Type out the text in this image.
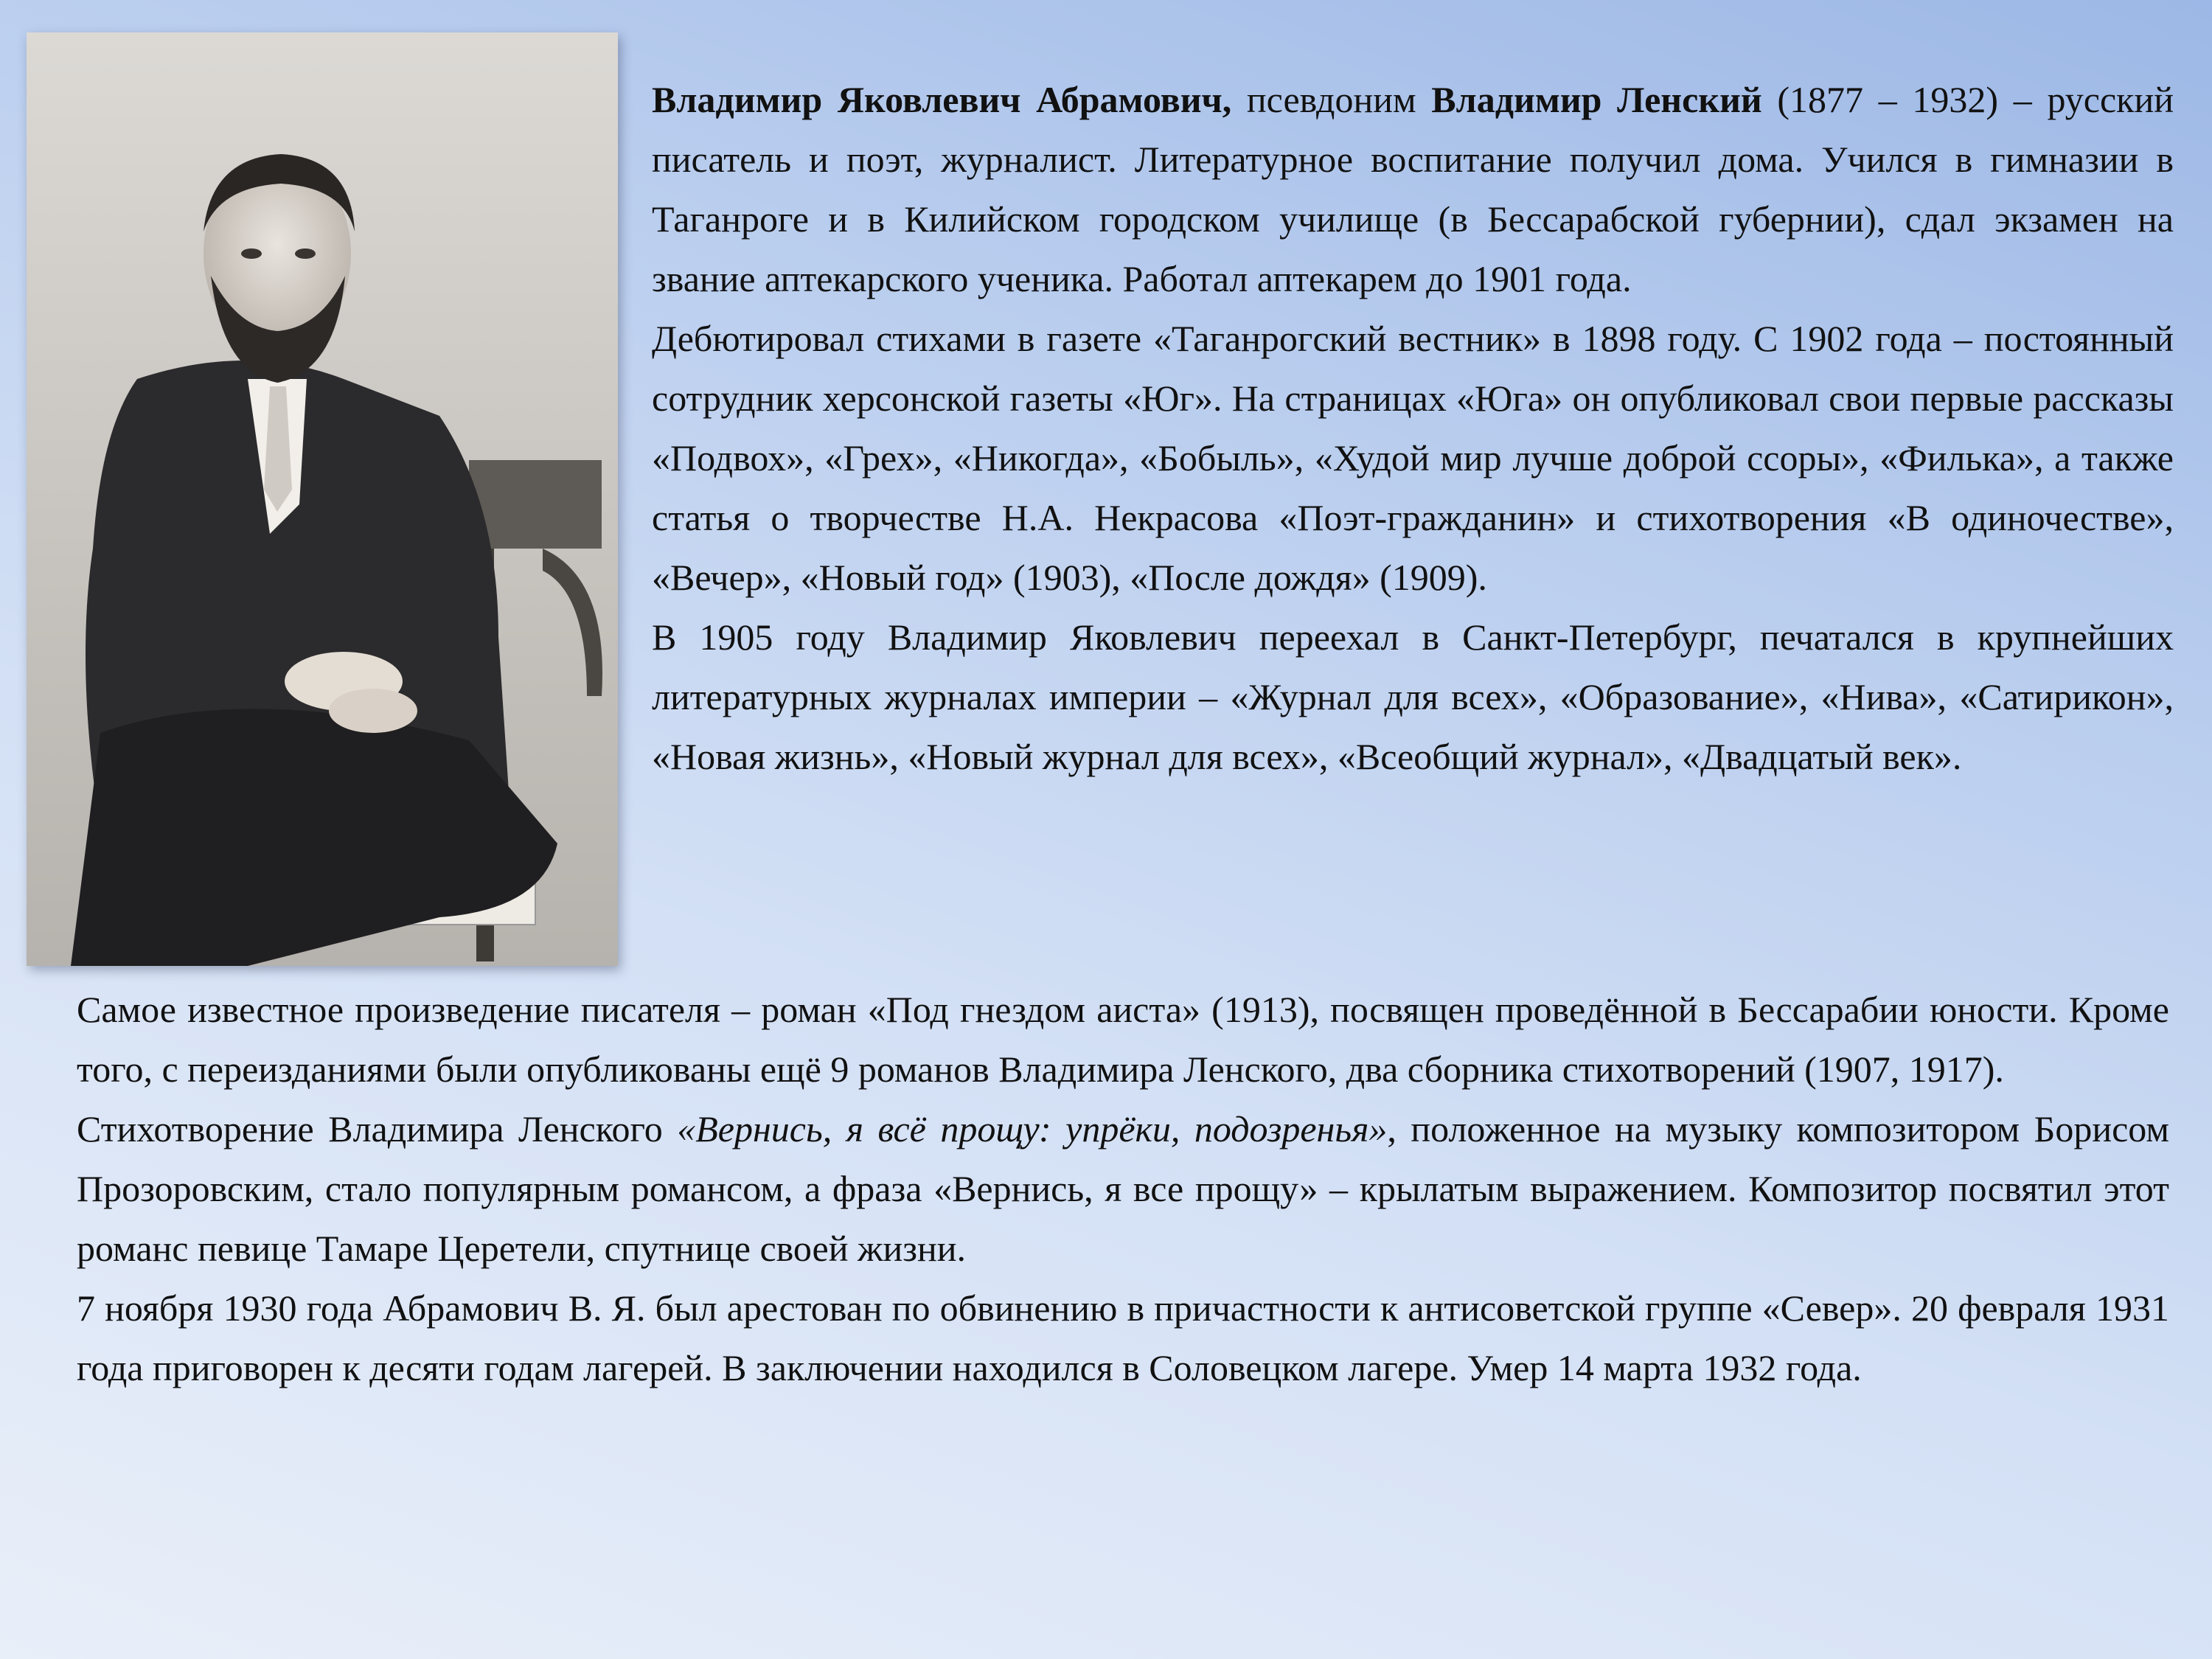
Владимир Яковлевич Абрамович, псевдоним Владимир Ленский (1877 – 1932) – русский писатель и поэт, журналист. Литературное воспитание получил дома. Учился в гимназии в Таганроге и в Килийском городском училище (в Бессарабской губернии), сдал экзамен на звание аптекарского ученика. Работал аптекарем до 1901 года.

Дебютировал стихами в газете «Таганрогский вестник» в 1898 году. С 1902 года – постоянный сотрудник херсонской газеты «Юг». На страницах «Юга» он опубликовал свои первые рассказы «Подвох», «Грех», «Никогда», «Бобыль», «Худой мир лучше доброй ссоры», «Филька», а также статья о творчестве Н.А. Некрасова «Поэт-гражданин» и стихотворения «В одиночестве», «Вечер», «Новый год» (1903), «После дождя» (1909).

В 1905 году Владимир Яковлевич переехал в Санкт-Петербург, печатался в крупнейших литературных журналах империи – «Журнал для всех», «Образование», «Нива», «Сатирикон», «Новая жизнь», «Новый журнал для всех», «Всеобщий журнал», «Двадцатый век».

Самое известное произведение писателя – роман «Под гнездом аиста» (1913), посвящен проведённой в Бессарабии юности. Кроме того, с переизданиями были опубликованы ещё 9 романов Владимира Ленского, два сборника стихотворений (1907, 1917).

Стихотворение Владимира Ленского «Вернись, я всё прощу: упрёки, подозренья», положенное на музыку композитором Борисом Прозоровским, стало популярным романсом, а фраза «Вернись, я все прощу» – крылатым выражением. Композитор посвятил этот романс певице Тамаре Церетели, спутнице своей жизни.

7 ноября 1930 года Абрамович В. Я. был арестован по обвинению в причастности к антисоветской группе «Север». 20 февраля 1931 года приговорен к десяти годам лагерей. В заключении находился в Соловецком лагере. Умер 14 марта 1932 года.
